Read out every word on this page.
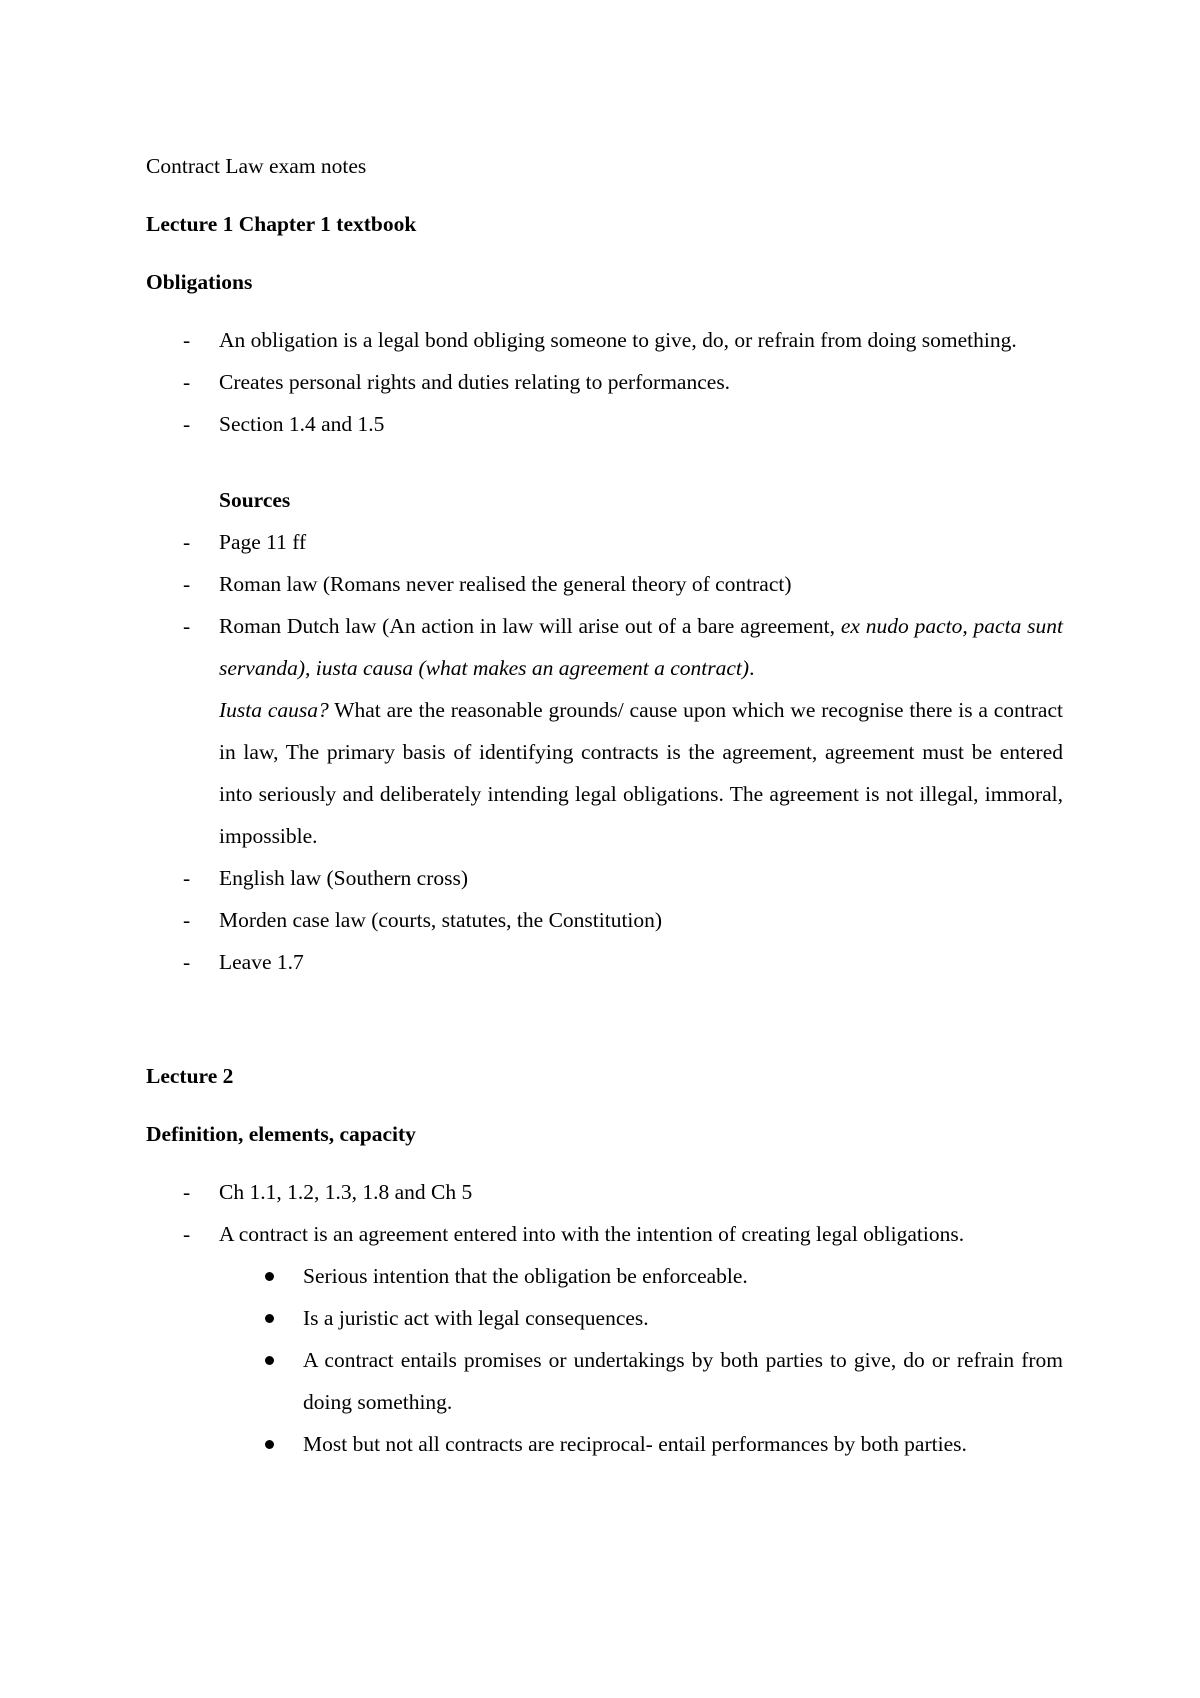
Contract Law exam notes
Lecture 1 Chapter 1 textbook
Obligations
- An obligation is a legal bond obliging someone to give, do, or refrain from doing something.
- Creates personal rights and duties relating to performances.
- Section 1.4 and 1.5
Sources
- Page 11 ff
- Roman law (Romans never realised the general theory of contract)
- Roman Dutch law (An action in law will arise out of a bare agreement, ex nudo pacto, pacta sunt servanda), iusta causa (what makes an agreement a contract).
Iusta causa? What are the reasonable grounds/ cause upon which we recognise there is a contract in law, The primary basis of identifying contracts is the agreement, agreement must be entered into seriously and deliberately intending legal obligations. The agreement is not illegal, immoral, impossible.
- English law (Southern cross)
- Morden case law (courts, statutes, the Constitution)
- Leave 1.7
Lecture 2
Definition, elements, capacity
- Ch 1.1, 1.2, 1.3, 1.8 and Ch 5
- A contract is an agreement entered into with the intention of creating legal obligations.
Serious intention that the obligation be enforceable.
Is a juristic act with legal consequences.
A contract entails promises or undertakings by both parties to give, do or refrain from doing something.
Most but not all contracts are reciprocal- entail performances by both parties.
